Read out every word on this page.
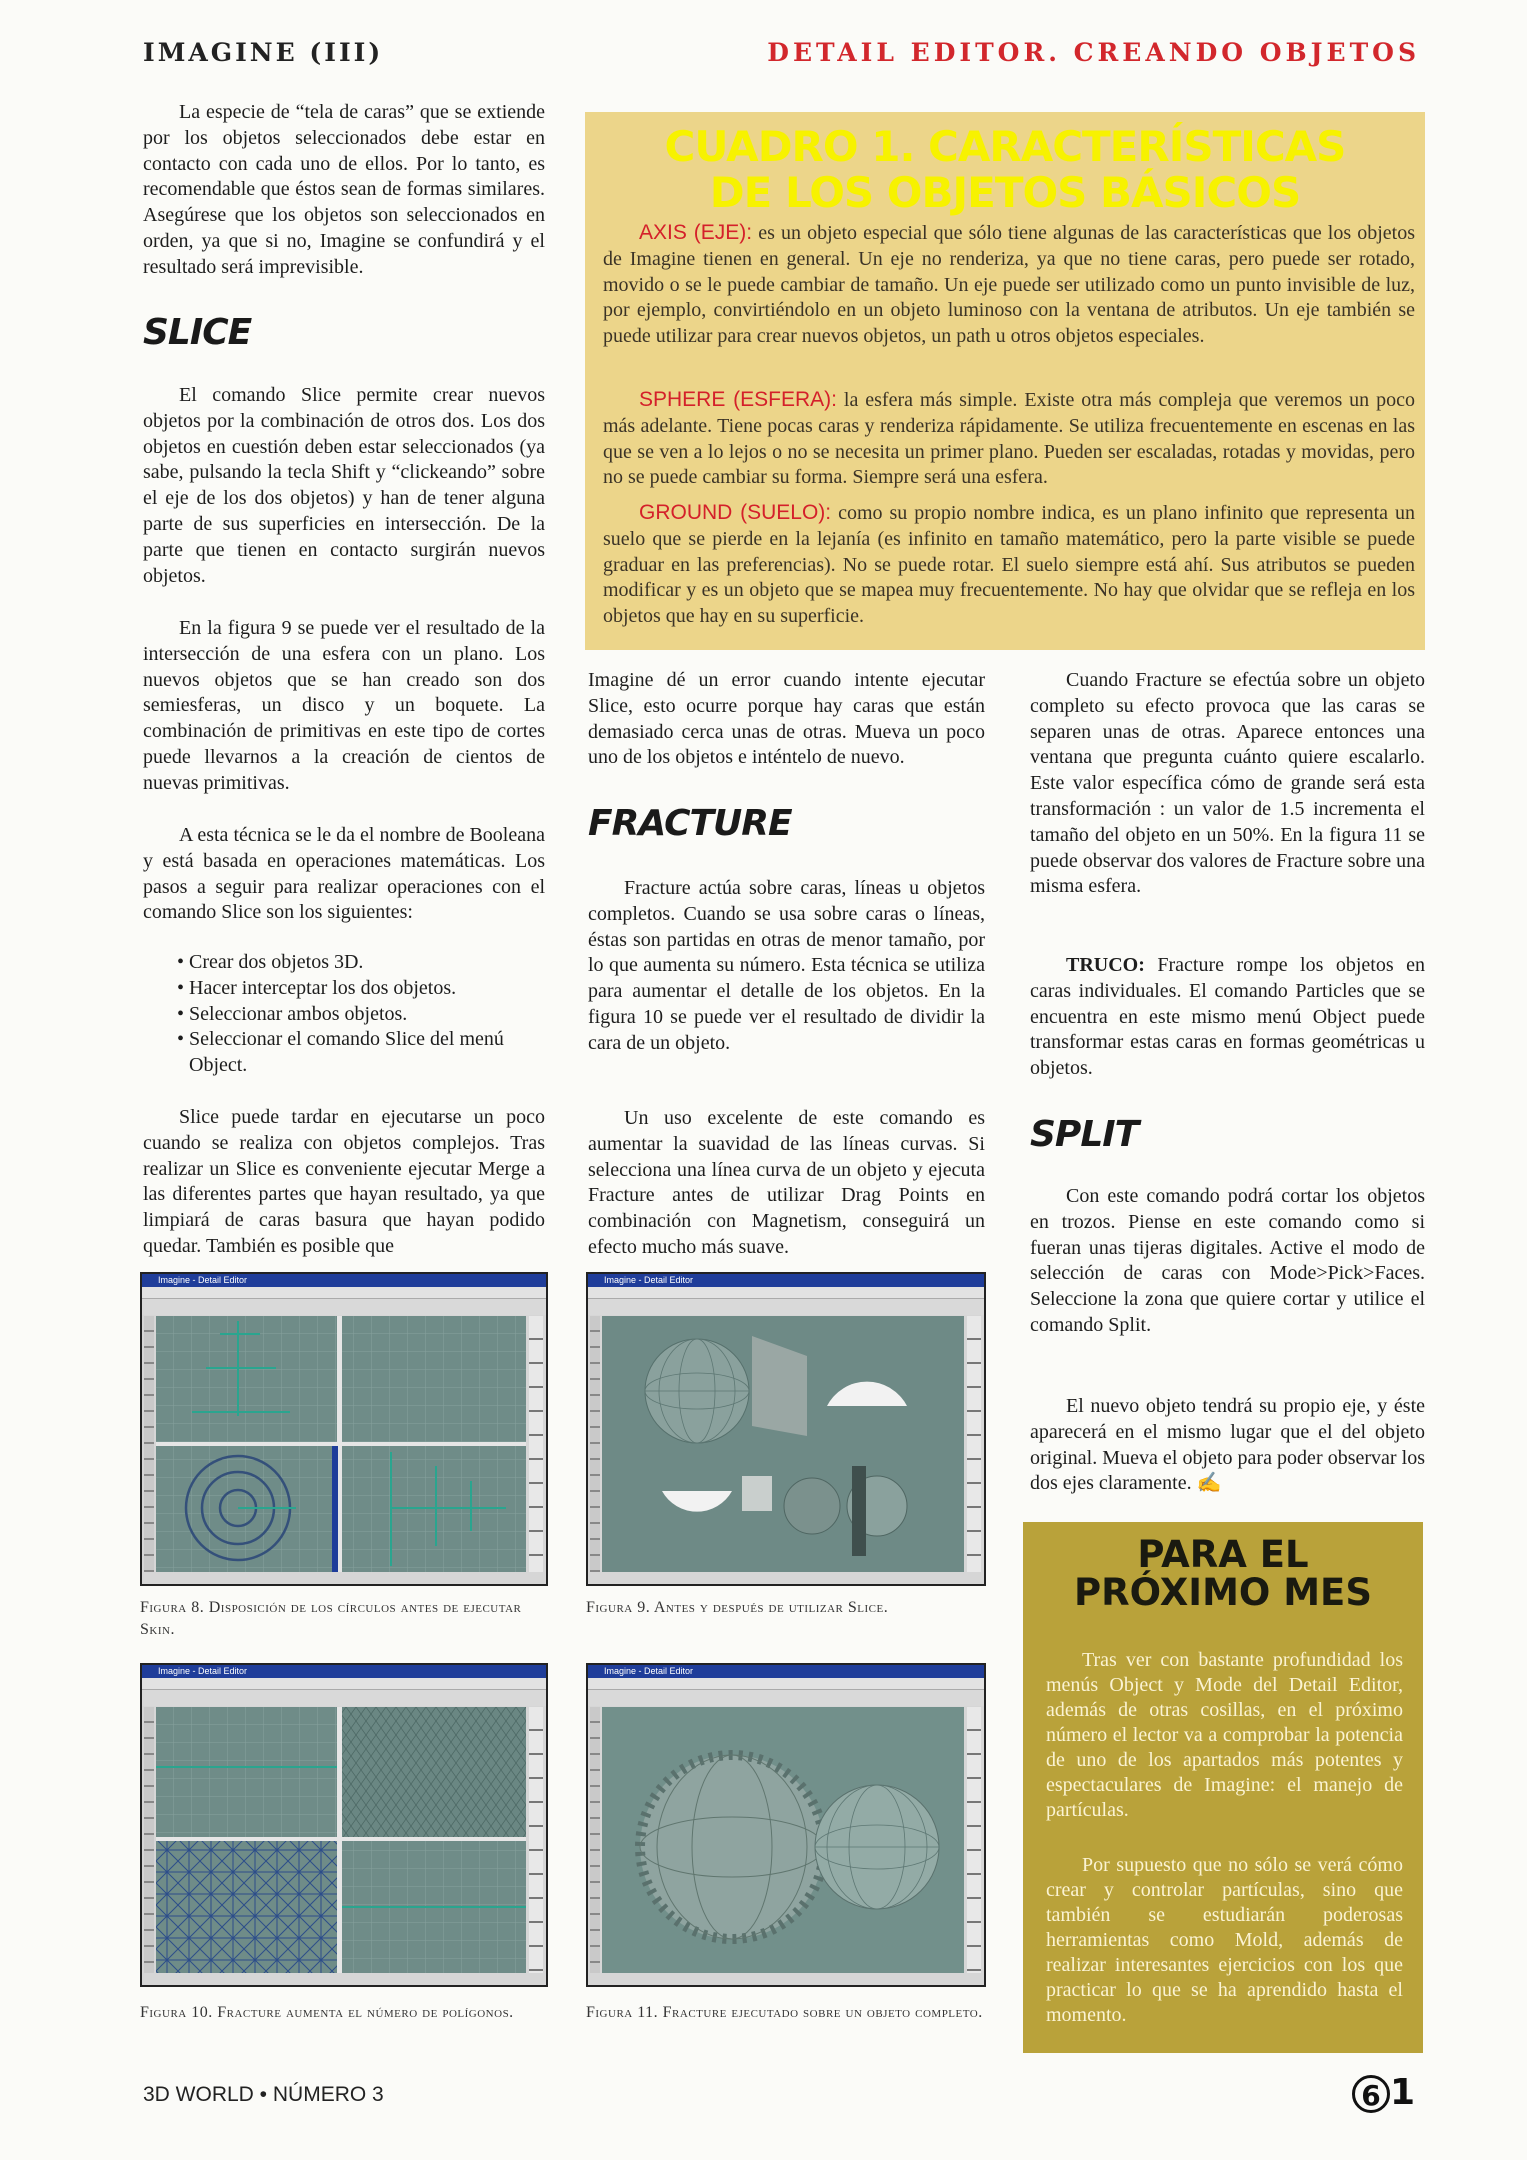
IMAGINE (III)	DETAIL EDITOR. CREANDO OBJETOS

La especie de “tela de caras” que se extiende por los objetos seleccionados debe estar en contacto con cada uno de ellos. Por lo tanto, es recomendable que éstos sean de formas similares. Asegúrese que los objetos son seleccionados en orden, ya que si no, Imagine se confundirá y el resultado será imprevisible.

SLICE

El comando Slice permite crear nuevos objetos por la combinación de otros dos. Los dos objetos en cuestión deben estar seleccionados (ya sabe, pulsando la tecla Shift y “clickeando” sobre el eje de los dos objetos) y han de tener alguna parte de sus superficies en intersección. De la parte que tienen en contacto surgirán nuevos objetos.

En la figura 9 se puede ver el resultado de la intersección de una esfera con un plano. Los nuevos objetos que se han creado son dos semiesferas, un disco y un boquete. La combinación de primitivas en este tipo de cortes puede llevarnos a la creación de cientos de nuevas primitivas.

A esta técnica se le da el nombre de Booleana y está basada en operaciones matemáticas. Los pasos a seguir para realizar operaciones con el comando Slice son los siguientes:

• Crear dos objetos 3D.
• Hacer interceptar los dos objetos.
• Seleccionar ambos objetos.
• Seleccionar el comando Slice del menú Object.

Slice puede tardar en ejecutarse un poco cuando se realiza con objetos complejos. Tras realizar un Slice es conveniente ejecutar Merge a las diferentes partes que hayan resultado, ya que limpiará de caras basura que hayan podido quedar. También es posible que

CUADRO 1. CARACTERÍSTICAS
DE LOS OBJETOS BÁSICOS

AXIS (EJE): es un objeto especial que sólo tiene algunas de las características que los objetos de Imagine tienen en general. Un eje no renderiza, ya que no tiene caras, pero puede ser rotado, movido o se le puede cambiar de tamaño. Un eje puede ser utilizado como un punto invisible de luz, por ejemplo, convirtiéndolo en un objeto luminoso con la ventana de atributos. Un eje también se puede utilizar para crear nuevos objetos, un path u otros objetos especiales.

SPHERE (ESFERA): la esfera más simple. Existe otra más compleja que veremos un poco más adelante. Tiene pocas caras y renderiza rápidamente. Se utiliza frecuentemente en escenas en las que se ven a lo lejos o no se necesita un primer plano. Pueden ser escaladas, rotadas y movidas, pero no se puede cambiar su forma. Siempre será una esfera.

GROUND (SUELO): como su propio nombre indica, es un plano infinito que representa un suelo que se pierde en la lejanía (es infinito en tamaño matemático, pero la parte visible se puede graduar en las preferencias). No se puede rotar. El suelo siempre está ahí. Sus atributos se pueden modificar y es un objeto que se mapea muy frecuentemente. No hay que olvidar que se refleja en los objetos que hay en su superficie.

Imagine dé un error cuando intente ejecutar Slice, esto ocurre porque hay caras que están demasiado cerca unas de otras. Mueva un poco uno de los objetos e inténtelo de nuevo.

FRACTURE

Fracture actúa sobre caras, líneas u objetos completos. Cuando se usa sobre caras o líneas, éstas son partidas en otras de menor tamaño, por lo que aumenta su número. Esta técnica se utiliza para aumentar el detalle de los objetos. En la figura 10 se puede ver el resultado de dividir la cara de un objeto.

Un uso excelente de este comando es aumentar la suavidad de las líneas curvas. Si selecciona una línea curva de un objeto y ejecuta Fracture antes de utilizar Drag Points en combinación con Magnetism, conseguirá un efecto mucho más suave.

Cuando Fracture se efectúa sobre un objeto completo su efecto provoca que las caras se separen unas de otras. Aparece entonces una ventana que pregunta cuánto quiere escalarlo. Este valor específica cómo de grande será esta transformación : un valor de 1.5 incrementa el tamaño del objeto en un 50%. En la figura 11 se puede observar dos valores de Fracture sobre una misma esfera.

TRUCO: Fracture rompe los objetos en caras individuales. El comando Particles que se encuentra en este mismo menú Object puede transformar estas caras en formas geométricas u objetos.

SPLIT

Con este comando podrá cortar los objetos en trozos. Piense en este comando como si fueran unas tijeras digitales. Active el modo de selección de caras con Mode>Pick>Faces. Seleccione la zona que quiere cortar y utilice el comando Split.

El nuevo objeto tendrá su propio eje, y éste aparecerá en el mismo lugar que el del objeto original. Mueva el objeto para poder observar los dos ejes claramente. ✍

Imagine - Detail Editor
Figura 8. Disposición de los círculos antes de ejecutar Skin.
Imagine - Detail Editor
Figura 9. Antes y después de utilizar Slice.
Imagine - Detail Editor
Figura 10. Fracture aumenta el número de polígonos.
Imagine - Detail Editor
Figura 11. Fracture ejecutado sobre un objeto completo.
PARA EL
PRÓXIMO MES

Tras ver con bastante profundidad los menús Object y Mode del Detail Editor, además de otras cosillas, en el próximo número el lector va a comprobar la potencia de uno de los apartados más potentes y espectaculares de Imagine: el manejo de partículas.

Por supuesto que no sólo se verá cómo crear y controlar partículas, sino que también se estudiarán poderosas herramientas como Mold, además de realizar interesantes ejercicios con los que practicar lo que se ha aprendido hasta el momento.

3D WORLD • NÚMERO 3	6 1
